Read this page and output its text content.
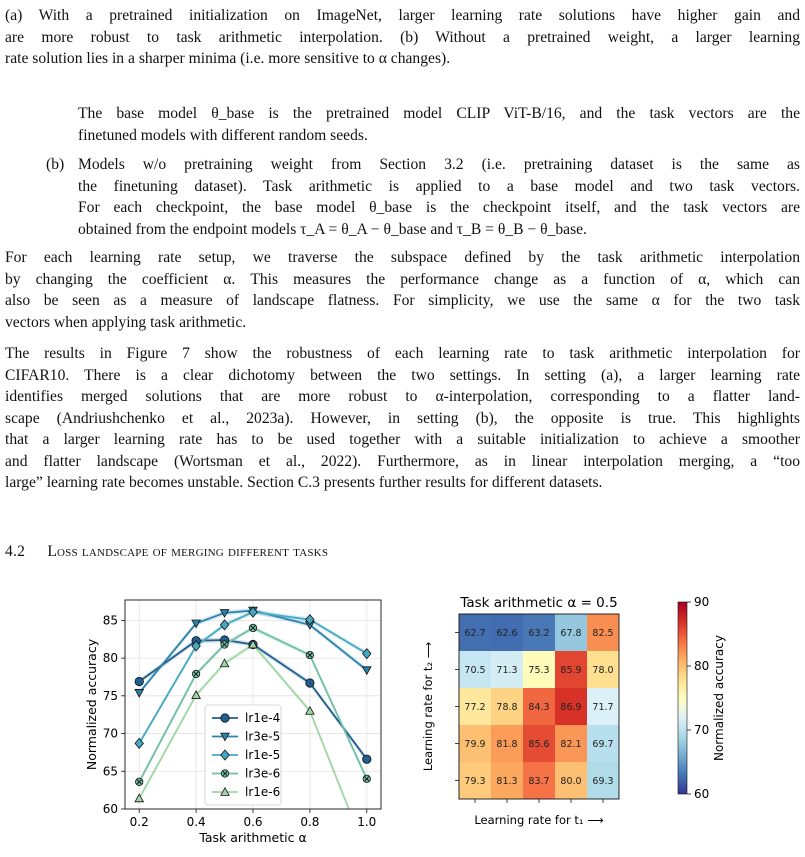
(a) With a pretrained initialization on ImageNet, larger learning rate solutions have higher gain and
are more robust to task arithmetic interpolation. (b) Without a pretrained weight, a larger learning
rate solution lies in a sharper minima (i.e. more sensitive to α changes).
The base model θ_base is the pretrained model CLIP ViT-B/16, and the task vectors are the
finetuned models with different random seeds.
(b) Models w/o pretraining weight from Section 3.2 (i.e. pretraining dataset is the same as
the finetuning dataset). Task arithmetic is applied to a base model and two task vectors.
For each checkpoint, the base model θ_base is the checkpoint itself, and the task vectors are
obtained from the endpoint models τ_A = θ_A − θ_base and τ_B = θ_B − θ_base.
For each learning rate setup, we traverse the subspace defined by the task arithmetic interpolation
by changing the coefficient α. This measures the performance change as a function of α, which can
also be seen as a measure of landscape flatness. For simplicity, we use the same α for the two task
vectors when applying task arithmetic.
The results in Figure 7 show the robustness of each learning rate to task arithmetic interpolation for
CIFAR10. There is a clear dichotomy between the two settings. In setting (a), a larger learning rate
identifies merged solutions that are more robust to α-interpolation, corresponding to a flatter land-
scape (Andriushchenko et al., 2023a). However, in setting (b), the opposite is true. This highlights
that a larger learning rate has to be used together with a suitable initialization to achieve a smoother
and flatter landscape (Wortsman et al., 2022). Furthermore, as in linear interpolation merging, a “too
large” learning rate becomes unstable. Section C.3 presents further results for different datasets.
4.2 Loss landscape of merging different tasks
0.2	0.4	0.6	0.8	1.0
60
65
70
75
80
85
Task arithmetic α
Normalized accuracy	lr1e-4
lr3e-5
lr1e-5
lr3e-6
lr1e-6
Task arithmetic α = 0.5
62.7 62.6 63.2 67.8 82.5
70.5 71.3 75.3 85.9 78.0
77.2 78.8 84.3 86.9 71.7
79.9 81.8 85.6 82.1 69.7
79.3 81.3 83.7 80.0 69.3
Learning rate for t₁ ⟶
Learning rate for t₂ ⟶
60
70
80
90
Normalized accuracy
